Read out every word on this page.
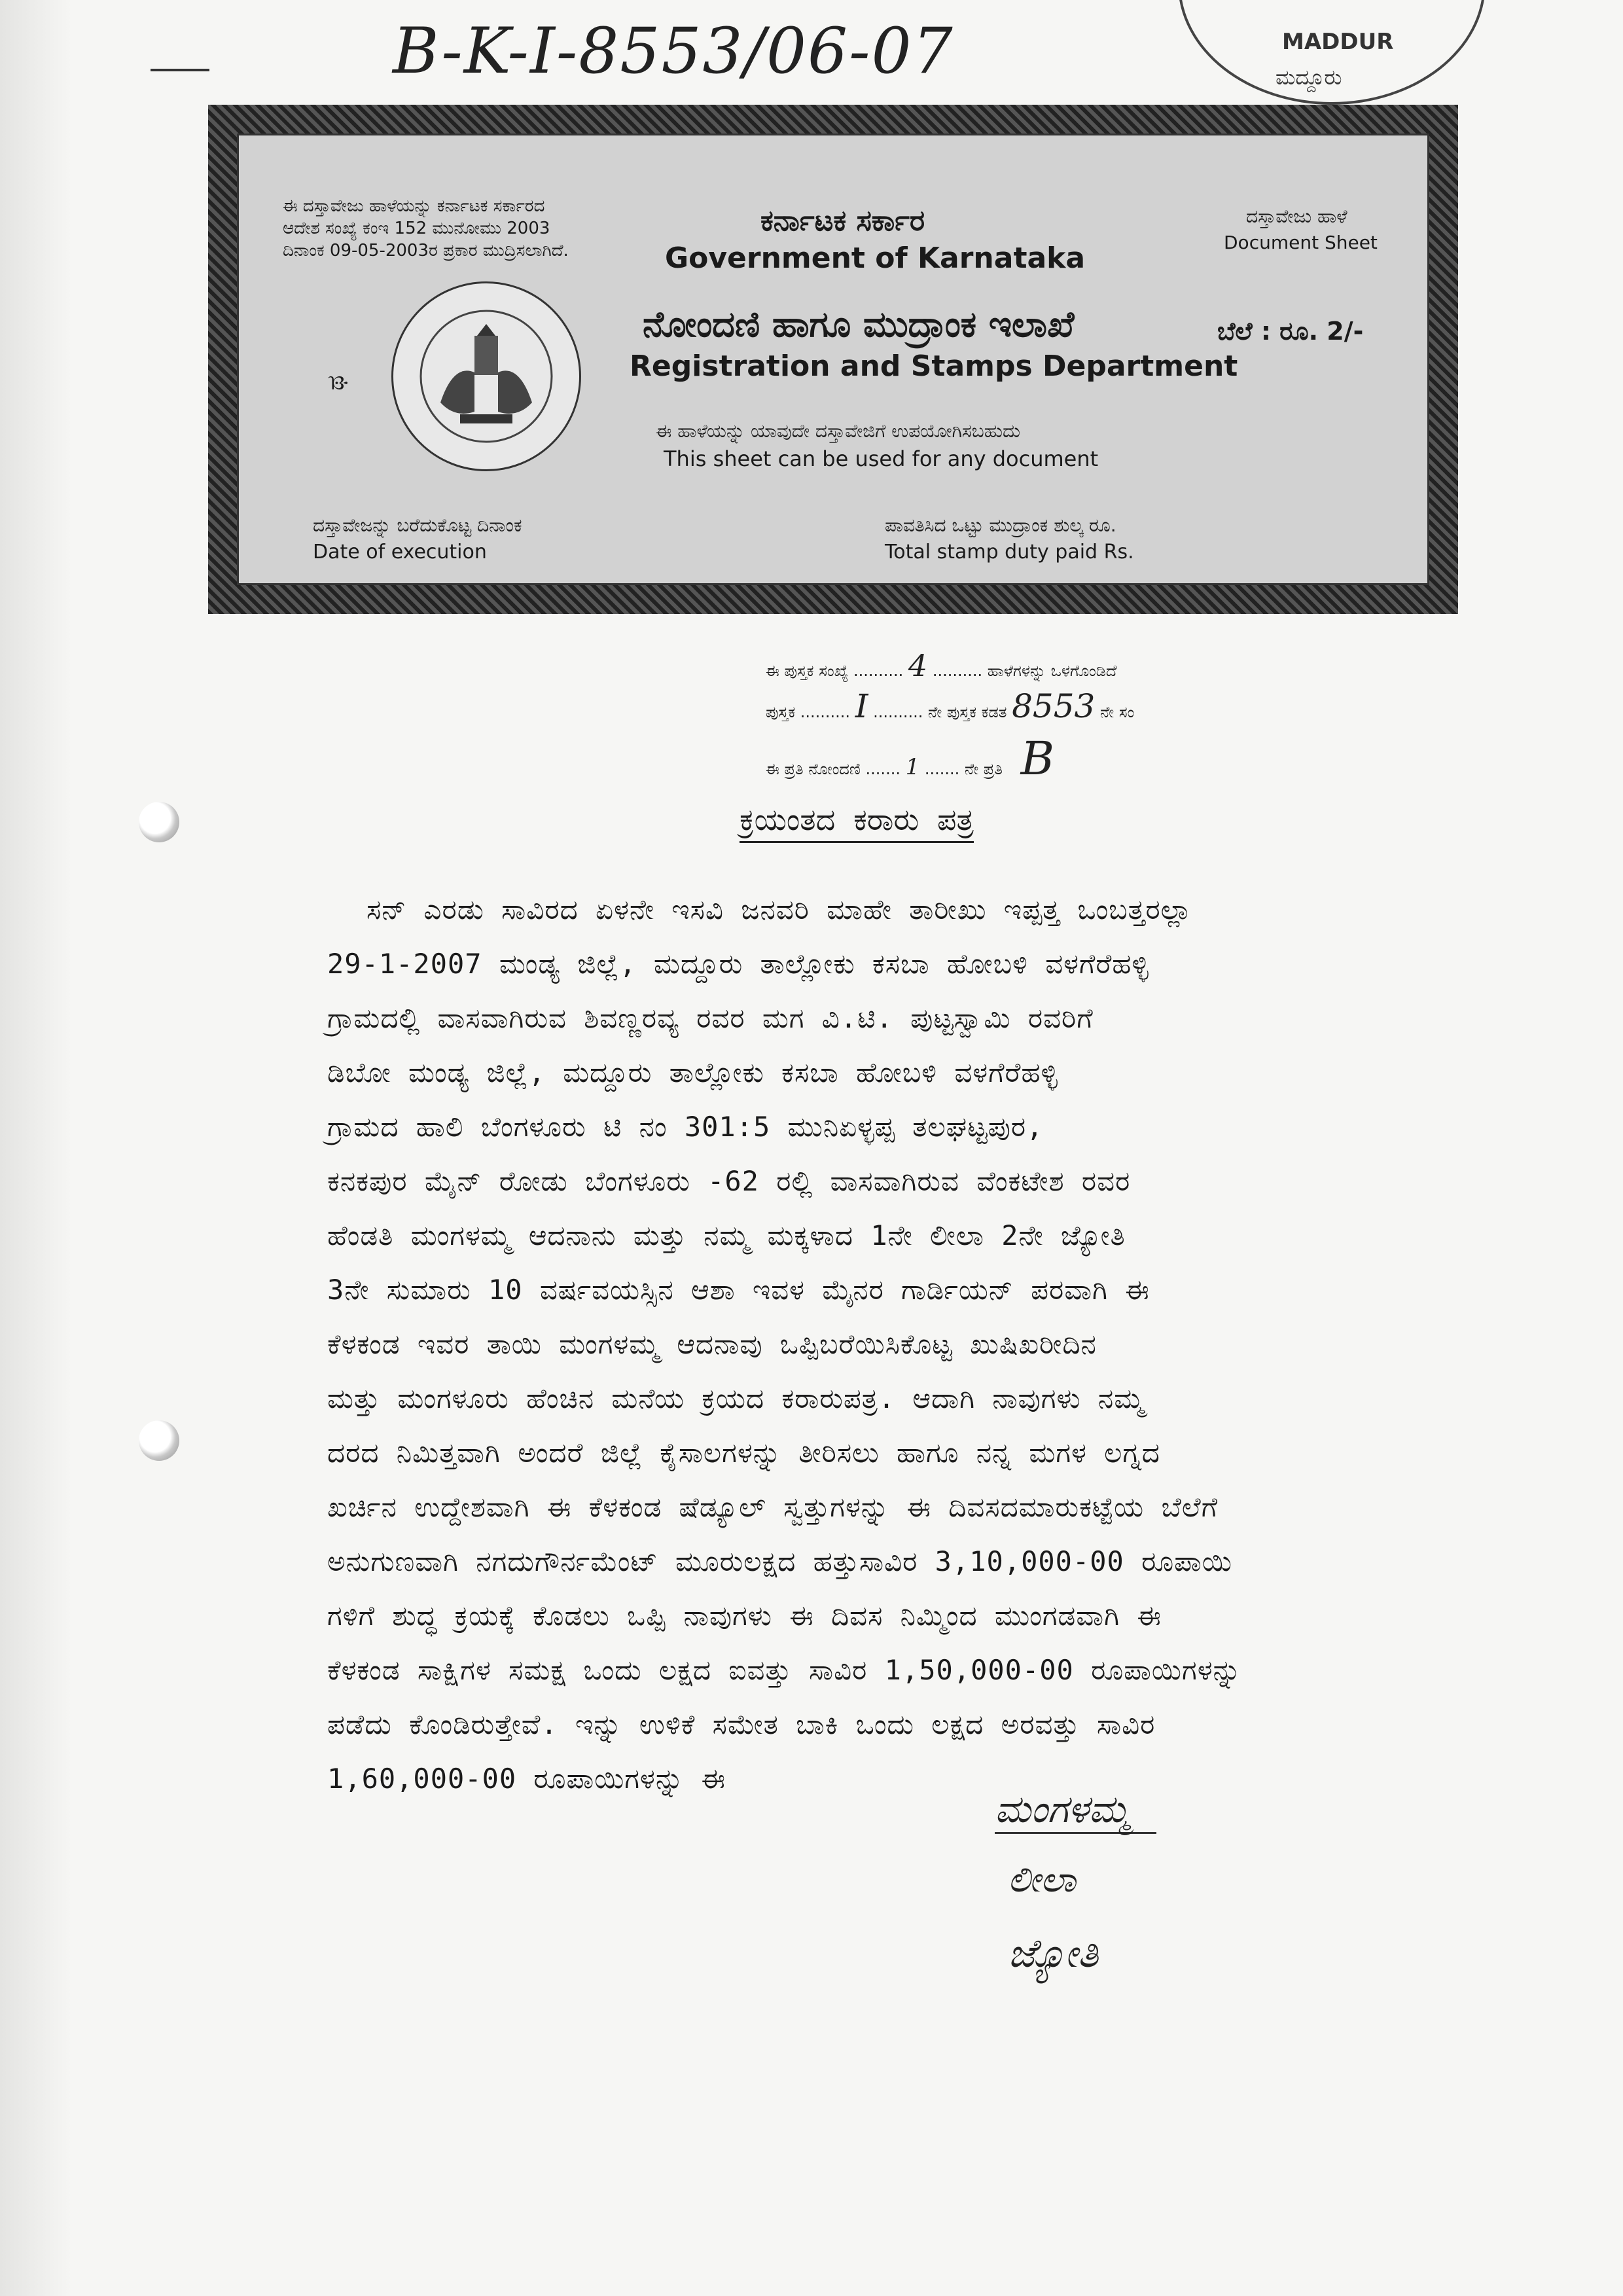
B-K-I-8553/06-07	MADDUR
ಮದ್ದೂರು
ಈ ದಸ್ತಾವೇಜು ಹಾಳೆಯನ್ನು ಕರ್ನಾಟಕ ಸರ್ಕಾರದ
ಆದೇಶ ಸಂಖ್ಯೆ ಕಂಇ 152 ಮುನೋಮು 2003
ದಿನಾಂಕ 09-05-2003ರ ಪ್ರಕಾರ ಮುದ್ರಿಸಲಾಗಿದೆ.
ಕರ್ನಾಟಕ ಸರ್ಕಾರ
Government of Karnataka
ದಸ್ತಾವೇಜು ಹಾಳೆ
Document Sheet
ಥ
ನೋಂದಣಿ ಹಾಗೂ ಮುದ್ರಾಂಕ ಇಲಾಖೆ
Registration and Stamps Department
ಬೆಲೆ : ರೂ. 2/-
ಈ ಹಾಳೆಯನ್ನು ಯಾವುದೇ ದಸ್ತಾವೇಜಿಗೆ ಉಪಯೋಗಿಸಬಹುದು
This sheet can be used for any document
ದಸ್ತಾವೇಜನ್ನು ಬರೆದುಕೊಟ್ಟ ದಿನಾಂಕ
Date of execution
ಪಾವತಿಸಿದ ಒಟ್ಟು ಮುದ್ರಾಂಕ ಶುಲ್ಕ ರೂ.
Total stamp duty paid Rs.
ಈ ಪುಸ್ತಕ ಸಂಖ್ಯೆ .......... 4 .......... ಹಾಳೆಗಳನ್ನು ಒಳಗೊಂಡಿದೆ
ಪುಸ್ತಕ .......... I .......... ನೇ ಪುಸ್ತಕ ಕಡತ 8553 ನೇ ಸಂ
ಈ ಪ್ರತಿ ನೋಂದಣಿ ....... 1 ....... ನೇ ಪ್ರತಿ B
ಕ್ರಯಂತದ ಕರಾರು ಪತ್ರ
ಸನ್ ಎರಡು ಸಾವಿರದ ಏಳನೇ ಇಸವಿ ಜನವರಿ ಮಾಹೇ ತಾರೀಖು ಇಪ್ಪತ್ತ ಒಂಬತ್ತರಲ್ಲಾ
29-1-2007 ಮಂಡ್ಯ ಜಿಲ್ಲೆ, ಮದ್ದೂರು ತಾಲ್ಲೋಕು ಕಸಬಾ ಹೋಬಳಿ ವಳಗೆರೆಹಳ್ಳಿ
ಗ್ರಾಮದಲ್ಲಿ ವಾಸವಾಗಿರುವ ಶಿವಣ್ಣರವ್ಯ ರವರ ಮಗ ವಿ.ಟಿ. ಪುಟ್ಟಸ್ವಾಮಿ ರವರಿಗೆ
ಡಿಬೋ ಮಂಡ್ಯ ಜಿಲ್ಲೆ, ಮದ್ದೂರು ತಾಲ್ಲೋಕು ಕಸಬಾ ಹೋಬಳಿ ವಳಗೆರೆಹಳ್ಳಿ
ಗ್ರಾಮದ ಹಾಲಿ ಬೆಂಗಳೂರು ಟಿ ನಂ 301:5 ಮುನಿಏಳ್ಳಪ್ಪ ತಲಘಟ್ಟಪುರ,
ಕನಕಪುರ ಮೈನ್ ರೋಡು ಬೆಂಗಳೂರು -62 ರಲ್ಲಿ ವಾಸವಾಗಿರುವ ವೆಂಕಟೇಶ ರವರ
ಹೆಂಡತಿ ಮಂಗಳಮ್ಮ ಆದನಾನು ಮತ್ತು ನಮ್ಮ ಮಕ್ಕಳಾದ 1ನೇ ಲೀಲಾ 2ನೇ ಜ್ಯೋತಿ
3ನೇ ಸುಮಾರು 10 ವರ್ಷವಯಸ್ಸಿನ ಆಶಾ ಇವಳ ಮೈನರ ಗಾರ್ಡಿಯನ್ ಪರವಾಗಿ ಈ
ಕೆಳಕಂಡ ಇವರ ತಾಯಿ ಮಂಗಳಮ್ಮ ಆದನಾವು ಒಪ್ಪಿಬರೆಯಿಸಿಕೊಟ್ಟ ಖುಷಿಖರೀದಿನ
ಮತ್ತು ಮಂಗಳೂರು ಹೆಂಚಿನ ಮನೆಯ ಕ್ರಯದ ಕರಾರುಪತ್ರ. ಆದಾಗಿ ನಾವುಗಳು ನಮ್ಮ
ದರದ ನಿಮಿತ್ತವಾಗಿ ಅಂದರೆ ಜಿಲ್ಲೆ ಕೈಸಾಲಗಳನ್ನು ತೀರಿಸಲು ಹಾಗೂ ನನ್ನ ಮಗಳ ಲಗ್ನದ
ಖರ್ಚಿನ ಉದ್ದೇಶವಾಗಿ ಈ ಕೆಳಕಂಡ ಷೆಡ್ಯೂಲ್ ಸ್ವತ್ತುಗಳನ್ನು ಈ ದಿವಸದಮಾರುಕಟ್ಟೆಯ ಬೆಲೆಗೆ
ಅನುಗುಣವಾಗಿ ನಗದುಗೌರ್ನಮೆಂಟ್ ಮೂರುಲಕ್ಷದ ಹತ್ತುಸಾವಿರ 3,10,000-00 ರೂಪಾಯಿ
ಗಳಿಗೆ ಶುದ್ಧ ಕ್ರಯಕ್ಕೆ ಕೊಡಲು ಒಪ್ಪಿ ನಾವುಗಳು ಈ ದಿವಸ ನಿಮ್ಮಿಂದ ಮುಂಗಡವಾಗಿ ಈ
ಕೆಳಕಂಡ ಸಾಕ್ಷಿಗಳ ಸಮಕ್ಷ ಒಂದು ಲಕ್ಷದ ಐವತ್ತು ಸಾವಿರ 1,50,000-00 ರೂಪಾಯಿಗಳನ್ನು
ಪಡೆದು ಕೊಂಡಿರುತ್ತೇವೆ. ಇನ್ನು ಉಳಿಕೆ ಸಮೇತ ಬಾಕಿ ಒಂದು ಲಕ್ಷದ ಅರವತ್ತು ಸಾವಿರ
1,60,000-00 ರೂಪಾಯಿಗಳನ್ನು ಈ
ಮಂಗಳಮ್ಮ
ಲೀಲಾ
ಜ್ಯೋತಿ
